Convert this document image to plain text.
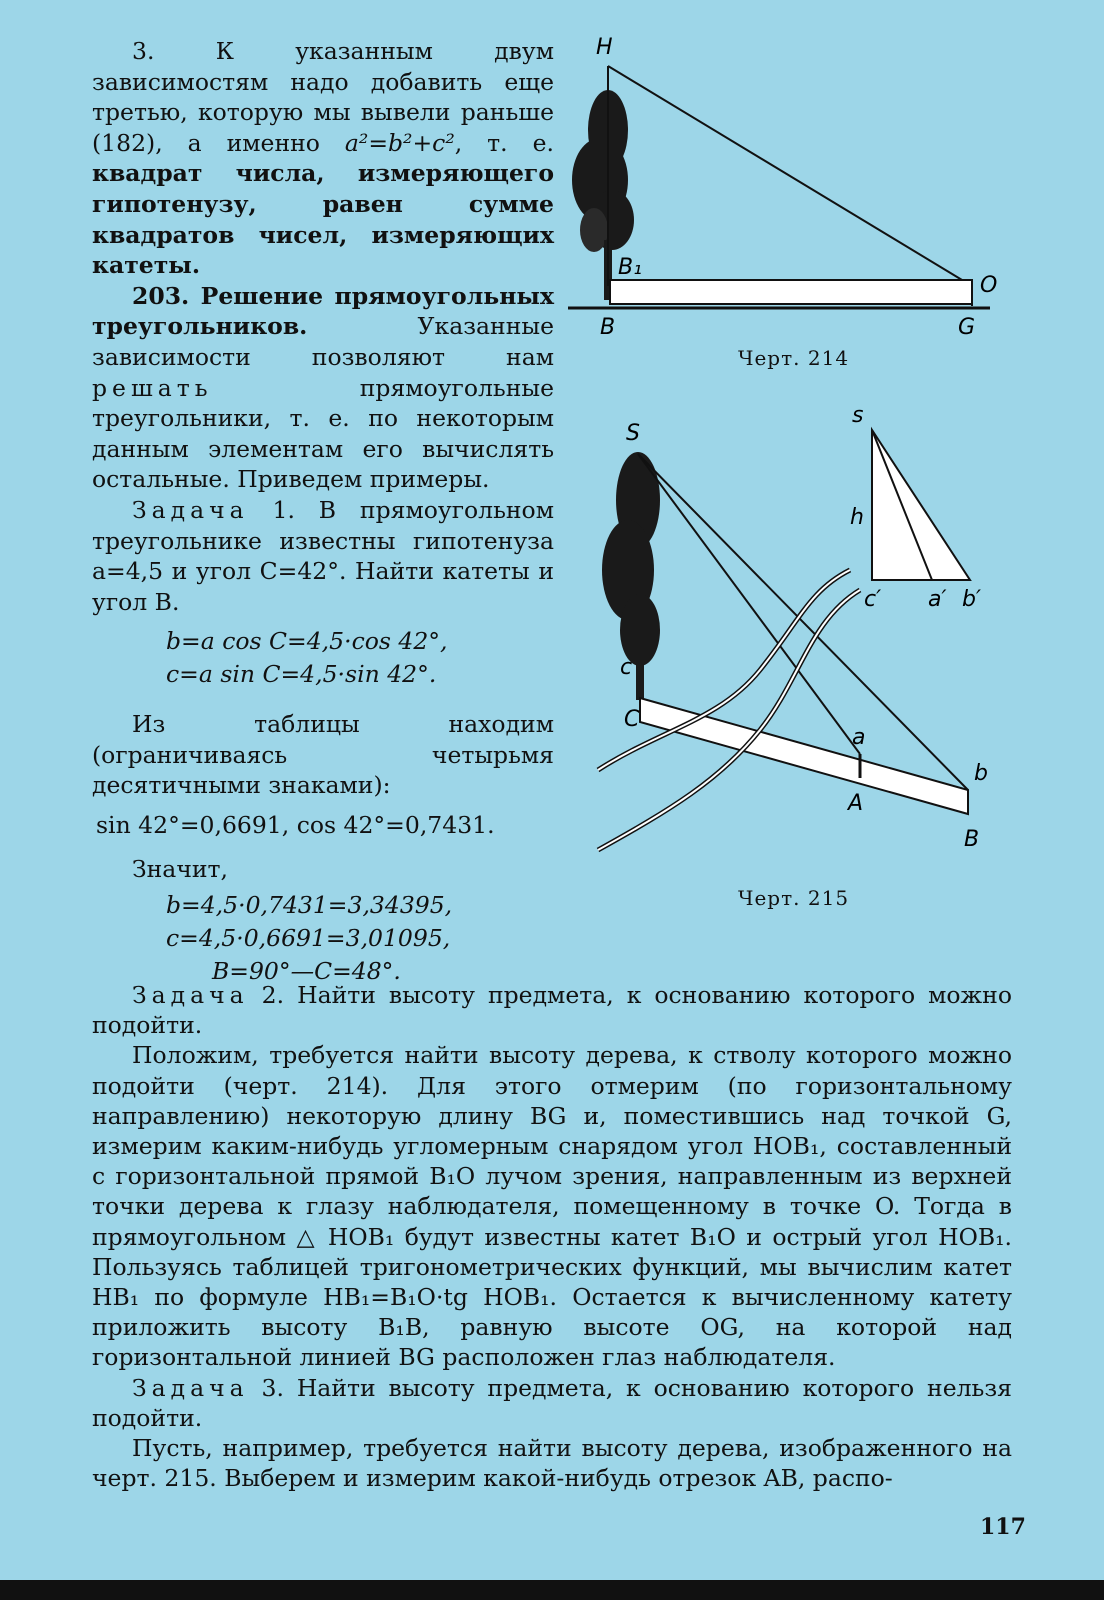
3. К указанным двум зависимостям надо добавить еще третью, которую мы вывели раньше (182), а именно a²=b²+c², т. е. квадрат числа, измеряющего гипотенузу, равен сумме квадратов чисел, измеряющих катеты.

203. Решение прямоугольных треугольников. Указанные зависимости позволяют нам решать прямоугольные треугольники, т. е. по некоторым данным элементам его вычислять остальные. Приведем примеры.

Задача 1. В прямоугольном треугольнике известны гипотенуза a=4,5 и угол C=42°. Найти катеты и угол B.

b=a cos C=4,5·cos 42°,

c=a sin C=4,5·sin 42°.

Из таблицы находим (ограничиваясь четырьмя десятичными знаками):

sin 42°=0,6691, cos 42°=0,7431.

Значит,

b=4,5·0,7431=3,34395,

c=4,5·0,6691=3,01095,

B=90°—C=48°.

H
B₁
O
B	G
Черт. 214
S
c
C
a
A
b
B
s
h
c′ a′ b′
Черт. 215

Задача 2. Найти высоту предмета, к основанию которого можно подойти.

Положим, требуется найти высоту дерева, к стволу которого можно подойти (черт. 214). Для этого отмерим (по горизонтальному направлению) некоторую длину BG и, поместившись над точкой G, измерим каким-нибудь угломерным снарядом угол HOB₁, составленный с горизонтальной прямой B₁O лучом зрения, направленным из верхней точки дерева к глазу наблюдателя, помещенному в точке O. Тогда в прямоугольном △ HOB₁ будут известны катет B₁O и острый угол HOB₁. Пользуясь таблицей тригонометрических функций, мы вычислим катет HB₁ по формуле HB₁=B₁O·tg HOB₁. Остается к вычисленному катету приложить высоту B₁B, равную высоте OG, на которой над горизонтальной линией BG расположен глаз наблюдателя.

Задача 3. Найти высоту предмета, к основанию которого нельзя подойти.

Пусть, например, требуется найти высоту дерева, изображенного на черт. 215. Выберем и измерим какой-нибудь отрезок AB, распо-

117
